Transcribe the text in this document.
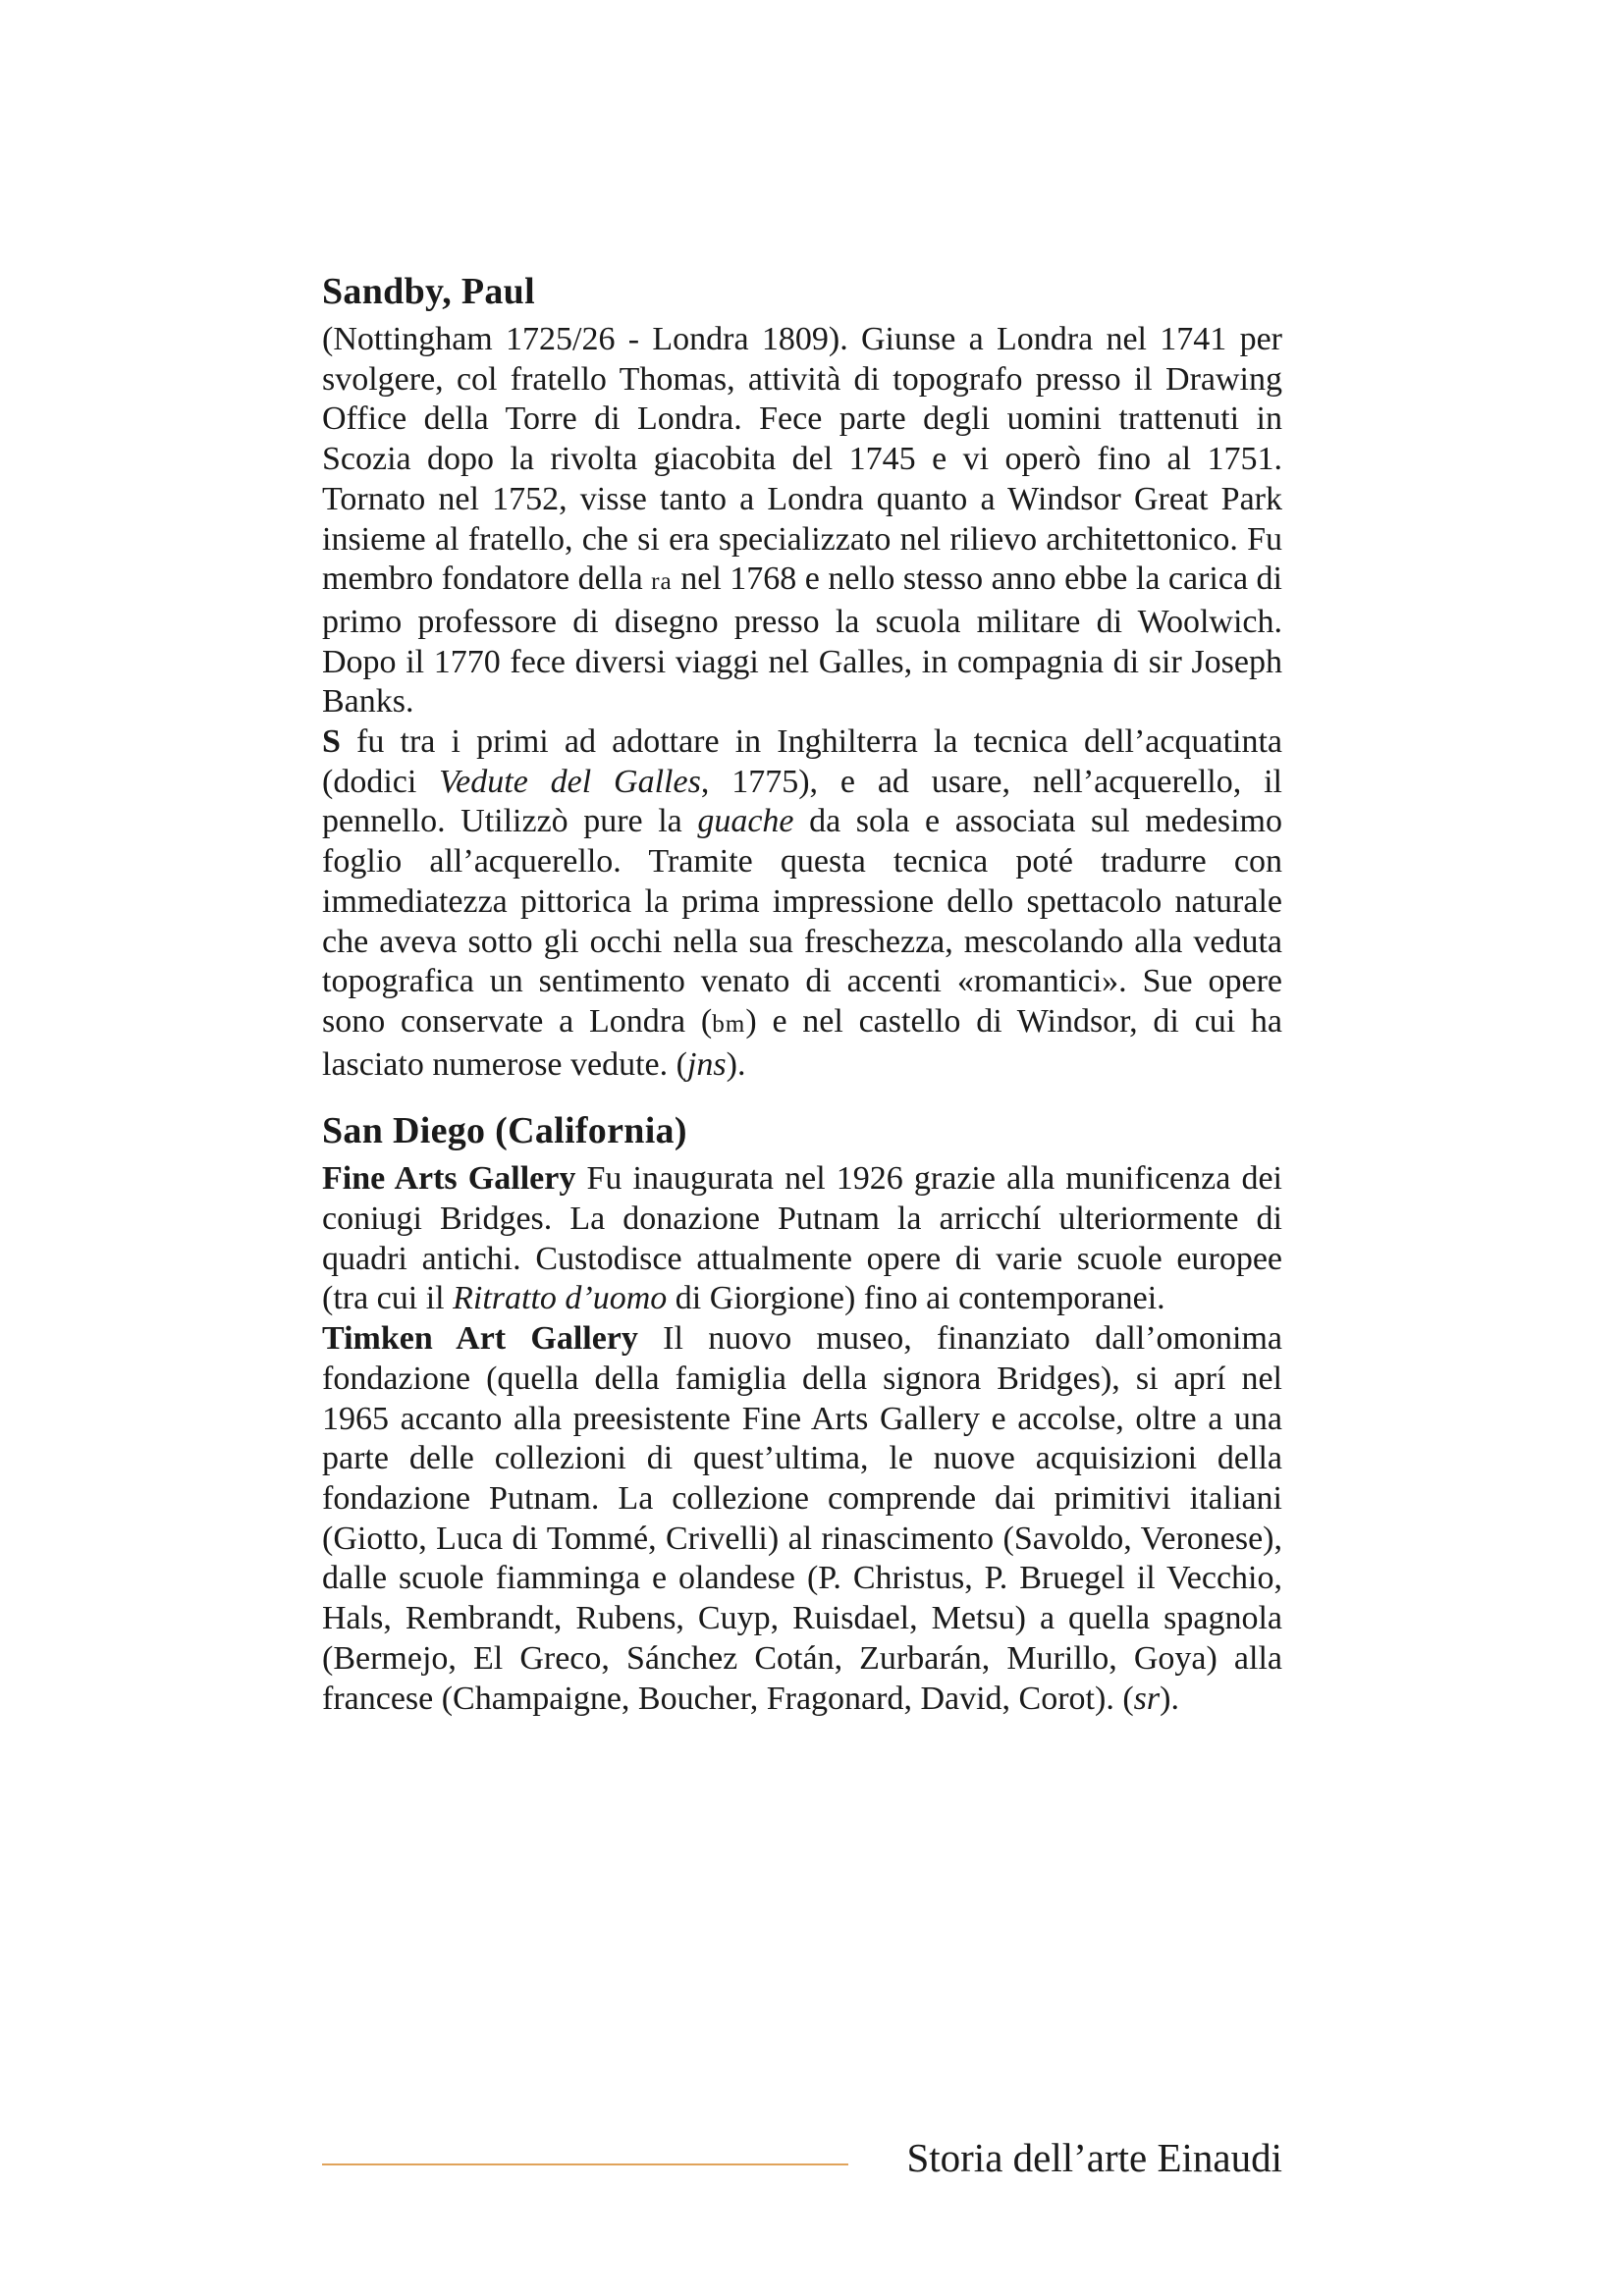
Sandby, Paul

(Nottingham 1725/26 - Londra 1809). Giunse a Londra nel 1741 per svolgere, col fratello Thomas, attività di topografo presso il Drawing Office della Torre di Londra. Fece parte degli uomini trattenuti in Scozia dopo la rivolta giacobita del 1745 e vi operò fino al 1751. Tornato nel 1752, visse tanto a Londra quanto a Windsor Great Park insieme al fratello, che si era specializzato nel rilievo architettonico. Fu membro fondatore della ra nel 1768 e nello stesso anno ebbe la carica di primo professore di disegno presso la scuola militare di Woolwich. Dopo il 1770 fece diversi viaggi nel Galles, in compagnia di sir Joseph Banks.

S fu tra i primi ad adottare in Inghilterra la tecnica dell’acquatinta (dodici Vedute del Galles, 1775), e ad usare, nell’acquerello, il pennello. Utilizzò pure la guache da sola e associata sul medesimo foglio all’acquerello. Tramite questa tecnica poté tradurre con immediatezza pittorica la prima impressione dello spettacolo naturale che aveva sotto gli occhi nella sua freschezza, mescolando alla veduta topografica un sentimento venato di accenti «romantici». Sue opere sono conservate a Londra (bm) e nel castello di Windsor, di cui ha lasciato numerose vedute. (jns).

San Diego (California)

Fine Arts Gallery Fu inaugurata nel 1926 grazie alla munificenza dei coniugi Bridges. La donazione Putnam la arricchí ulteriormente di quadri antichi. Custodisce attualmente opere di varie scuole europee (tra cui il Ritratto d’uomo di Giorgione) fino ai contemporanei.

Timken Art Gallery Il nuovo museo, finanziato dall’omonima fondazione (quella della famiglia della signora Bridges), si aprí nel 1965 accanto alla preesistente Fine Arts Gallery e accolse, oltre a una parte delle collezioni di quest’ultima, le nuove acquisizioni della fondazione Putnam. La collezione comprende dai primitivi italiani (Giotto, Luca di Tommé, Crivelli) al rinascimento (Savoldo, Veronese), dalle scuole fiamminga e olandese (P. Christus, P. Bruegel il Vecchio, Hals, Rembrandt, Rubens, Cuyp, Ruisdael, Metsu) a quella spagnola (Bermejo, El Greco, Sánchez Cotán, Zurbarán, Murillo, Goya) alla francese (Champaigne, Boucher, Fragonard, David, Corot). (sr).

Storia dell’arte Einaudi
